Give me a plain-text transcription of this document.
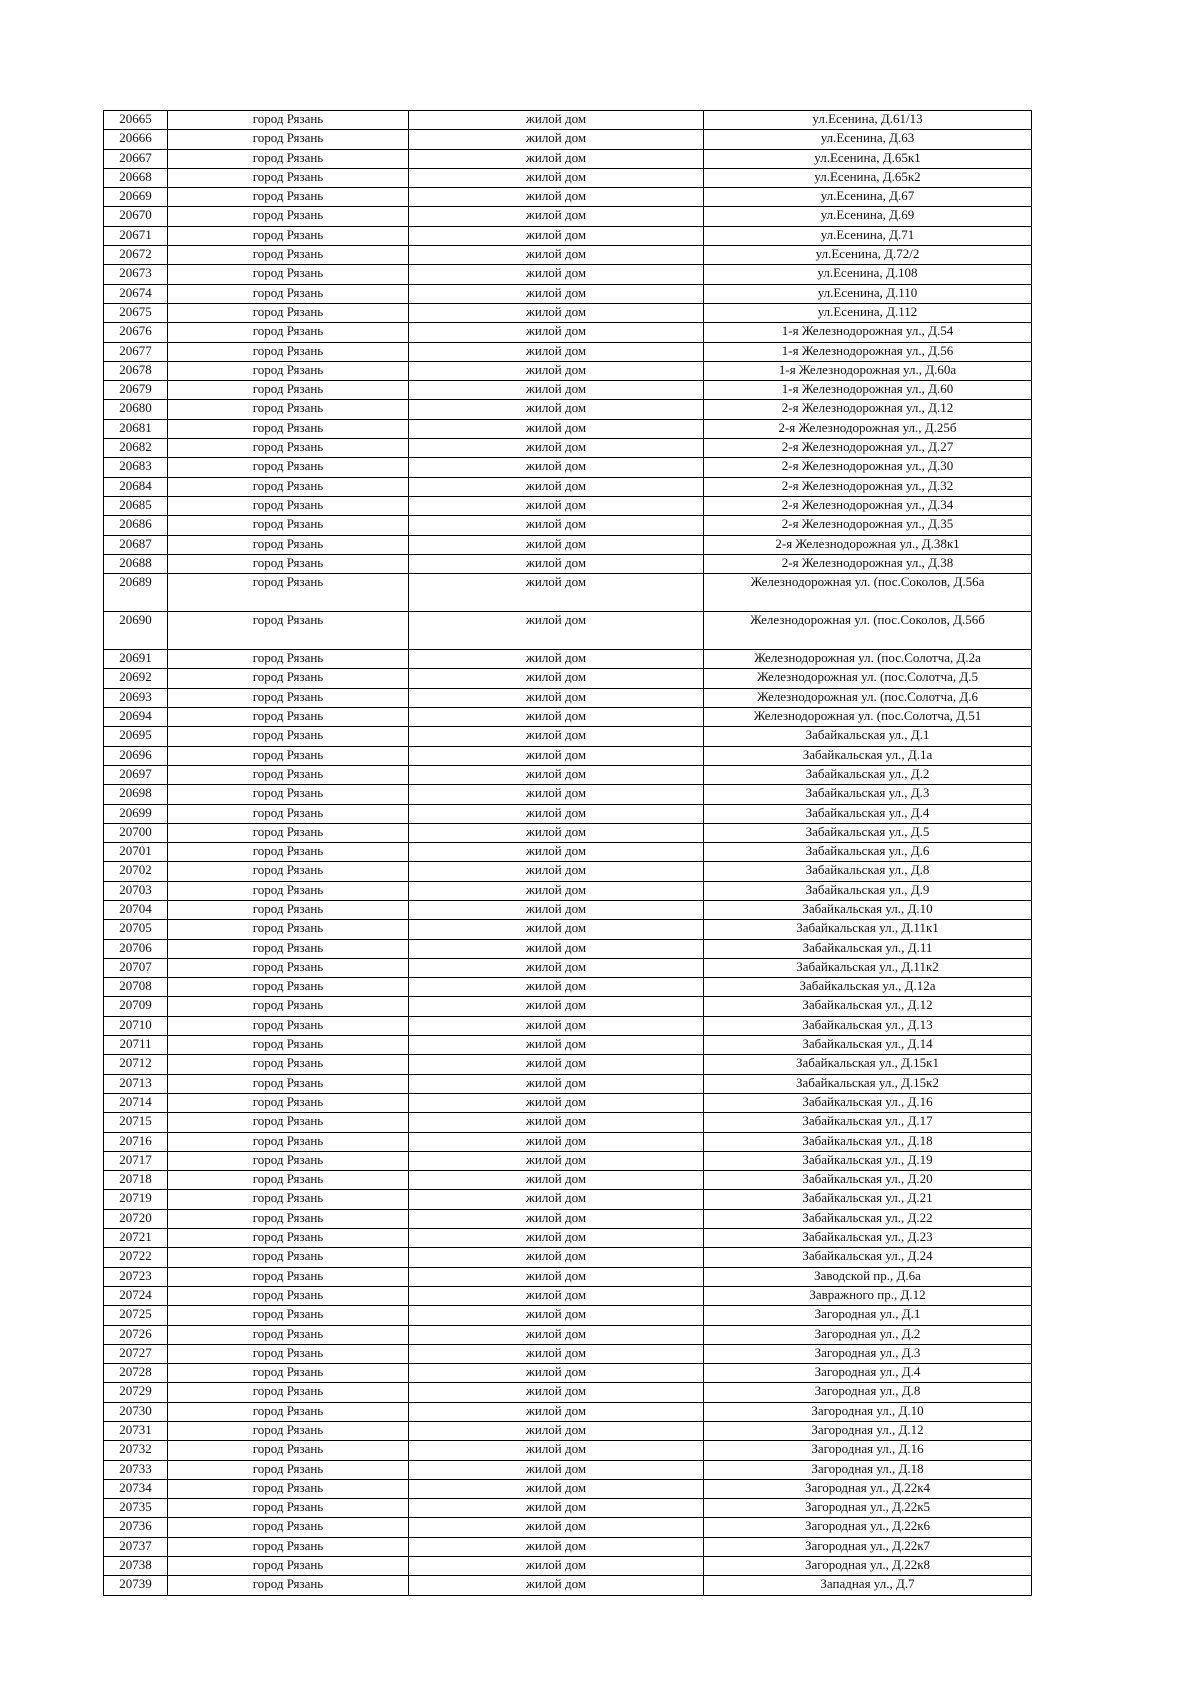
20665	город Рязань	жилой дом	ул.Есенина, Д.61/13
20666	город Рязань	жилой дом	ул.Есенина, Д.63
20667	город Рязань	жилой дом	ул.Есенина, Д.65к1
20668	город Рязань	жилой дом	ул.Есенина, Д.65к2
20669	город Рязань	жилой дом	ул.Есенина, Д.67
20670	город Рязань	жилой дом	ул.Есенина, Д.69
20671	город Рязань	жилой дом	ул.Есенина, Д.71
20672	город Рязань	жилой дом	ул.Есенина, Д.72/2
20673	город Рязань	жилой дом	ул.Есенина, Д.108
20674	город Рязань	жилой дом	ул.Есенина, Д.110
20675	город Рязань	жилой дом	ул.Есенина, Д.112
20676	город Рязань	жилой дом	1-я Железнодорожная ул., Д.54
20677	город Рязань	жилой дом	1-я Железнодорожная ул., Д.56
20678	город Рязань	жилой дом	1-я Железнодорожная ул., Д.60а
20679	город Рязань	жилой дом	1-я Железнодорожная ул., Д.60
20680	город Рязань	жилой дом	2-я Железнодорожная ул., Д.12
20681	город Рязань	жилой дом	2-я Железнодорожная ул., Д.25б
20682	город Рязань	жилой дом	2-я Железнодорожная ул., Д.27
20683	город Рязань	жилой дом	2-я Железнодорожная ул., Д.30
20684	город Рязань	жилой дом	2-я Железнодорожная ул., Д.32
20685	город Рязань	жилой дом	2-я Железнодорожная ул., Д.34
20686	город Рязань	жилой дом	2-я Железнодорожная ул., Д.35
20687	город Рязань	жилой дом	2-я Железнодорожная ул., Д.38к1
20688	город Рязань	жилой дом	2-я Железнодорожная ул., Д.38
20689	город Рязань	жилой дом	Железнодорожная ул. (пос.Соколов, Д.56а
20690	город Рязань	жилой дом	Железнодорожная ул. (пос.Соколов, Д.56б
20691	город Рязань	жилой дом	Железнодорожная ул. (пос.Солотча, Д.2а
20692	город Рязань	жилой дом	Железнодорожная ул. (пос.Солотча, Д.5
20693	город Рязань	жилой дом	Железнодорожная ул. (пос.Солотча, Д.6
20694	город Рязань	жилой дом	Железнодорожная ул. (пос.Солотча, Д.51
20695	город Рязань	жилой дом	Забайкальская ул., Д.1
20696	город Рязань	жилой дом	Забайкальская ул., Д.1а
20697	город Рязань	жилой дом	Забайкальская ул., Д.2
20698	город Рязань	жилой дом	Забайкальская ул., Д.3
20699	город Рязань	жилой дом	Забайкальская ул., Д.4
20700	город Рязань	жилой дом	Забайкальская ул., Д.5
20701	город Рязань	жилой дом	Забайкальская ул., Д.6
20702	город Рязань	жилой дом	Забайкальская ул., Д.8
20703	город Рязань	жилой дом	Забайкальская ул., Д.9
20704	город Рязань	жилой дом	Забайкальская ул., Д.10
20705	город Рязань	жилой дом	Забайкальская ул., Д.11к1
20706	город Рязань	жилой дом	Забайкальская ул., Д.11
20707	город Рязань	жилой дом	Забайкальская ул., Д.11к2
20708	город Рязань	жилой дом	Забайкальская ул., Д.12а
20709	город Рязань	жилой дом	Забайкальская ул., Д.12
20710	город Рязань	жилой дом	Забайкальская ул., Д.13
20711	город Рязань	жилой дом	Забайкальская ул., Д.14
20712	город Рязань	жилой дом	Забайкальская ул., Д.15к1
20713	город Рязань	жилой дом	Забайкальская ул., Д.15к2
20714	город Рязань	жилой дом	Забайкальская ул., Д.16
20715	город Рязань	жилой дом	Забайкальская ул., Д.17
20716	город Рязань	жилой дом	Забайкальская ул., Д.18
20717	город Рязань	жилой дом	Забайкальская ул., Д.19
20718	город Рязань	жилой дом	Забайкальская ул., Д.20
20719	город Рязань	жилой дом	Забайкальская ул., Д.21
20720	город Рязань	жилой дом	Забайкальская ул., Д.22
20721	город Рязань	жилой дом	Забайкальская ул., Д.23
20722	город Рязань	жилой дом	Забайкальская ул., Д.24
20723	город Рязань	жилой дом	Заводской пр., Д.6а
20724	город Рязань	жилой дом	Завражного пр., Д.12
20725	город Рязань	жилой дом	Загородная ул., Д.1
20726	город Рязань	жилой дом	Загородная ул., Д.2
20727	город Рязань	жилой дом	Загородная ул., Д.3
20728	город Рязань	жилой дом	Загородная ул., Д.4
20729	город Рязань	жилой дом	Загородная ул., Д.8
20730	город Рязань	жилой дом	Загородная ул., Д.10
20731	город Рязань	жилой дом	Загородная ул., Д.12
20732	город Рязань	жилой дом	Загородная ул., Д.16
20733	город Рязань	жилой дом	Загородная ул., Д.18
20734	город Рязань	жилой дом	Загородная ул., Д.22к4
20735	город Рязань	жилой дом	Загородная ул., Д.22к5
20736	город Рязань	жилой дом	Загородная ул., Д.22к6
20737	город Рязань	жилой дом	Загородная ул., Д.22к7
20738	город Рязань	жилой дом	Загородная ул., Д.22к8
20739	город Рязань	жилой дом	Западная ул., Д.7
